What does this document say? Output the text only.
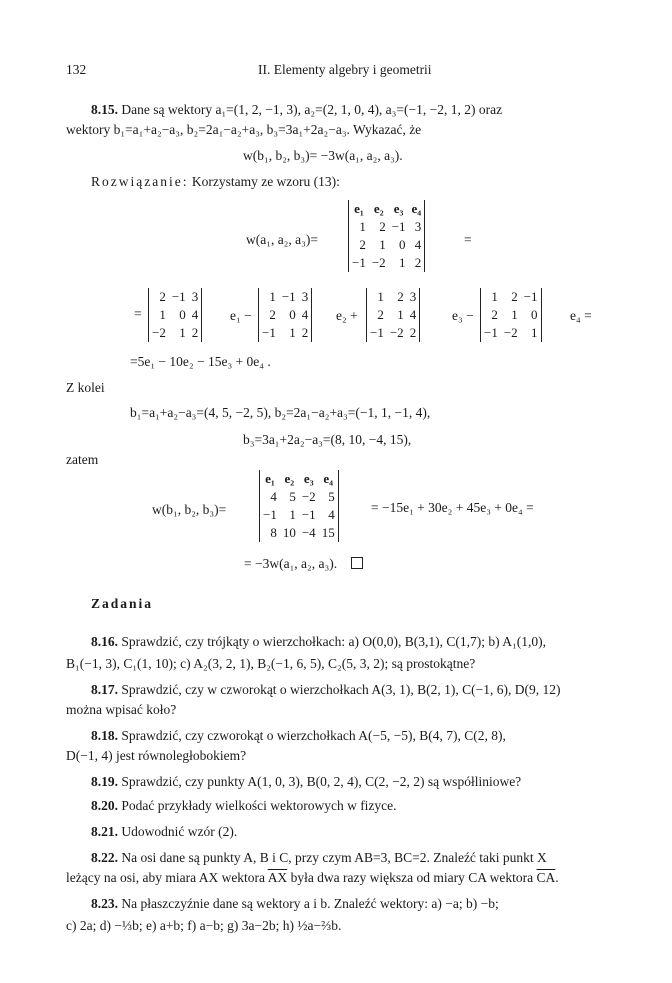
132	II. Elementy algebry i geometrii
8.15. Dane są wektory a₁=(1, 2, −1, 3), a₂=(2, 1, 0, 4), a₃=(−1, −2, 1, 2) oraz
wektory b₁=a₁+a₂−a₃, b₂=2a₁−a₂+a₃, b₃=3a₁+2a₂−a₃. Wykazać, że
w(b₁, b₂, b₃)= −3w(a₁, a₂, a₃).
Rozwiązanie: Korzystamy ze wzoru (13):
w(a₁, a₂, a₃)=
e₁	e₂	e₃	e₄
1	2	−1	3
2	1	0	4
−1	−2	1	2
=
=
2	−1	3
1	0	4
−2	1	2
e₁ −
1	−1	3
2	0	4
−1	1	2
e₂ +
1	2	3
2	1	4
−1	−2	2
e₃ −
1	2	−1
2	1	0
−1	−2	1
e₄ =
=5e₁ − 10e₂ − 15e₃ + 0e₄ .
Z kolei
b₁=a₁+a₂−a₃=(4, 5, −2, 5), b₂=2a₁−a₂+a₃=(−1, 1, −1, 4),
b₃=3a₁+2a₂−a₃=(8, 10, −4, 15),
zatem
w(b₁, b₂, b₃)=
e₁	e₂	e₃	e₄
4	5	−2	5
−1	1	−1	4
8	10	−4	15
= −15e₁ + 30e₂ + 45e₃ + 0e₄ =
= −3w(a₁, a₂, a₃).
Zadania
8.16. Sprawdzić, czy trójkąty o wierzchołkach: a) O(0,0), B(3,1), C(1,7); b) A₁(1,0),
B₁(−1, 3), C₁(1, 10); c) A₂(3, 2, 1), B₂(−1, 6, 5), C₂(5, 3, 2); są prostokątne?
8.17. Sprawdzić, czy w czworokąt o wierzchołkach A(3, 1), B(2, 1), C(−1, 6), D(9, 12)
można wpisać koło?
8.18. Sprawdzić, czy czworokąt o wierzchołkach A(−5, −5), B(4, 7), C(2, 8),
D(−1, 4) jest równoległobokiem?
8.19. Sprawdzić, czy punkty A(1, 0, 3), B(0, 2, 4), C(2, −2, 2) są współliniowe?
8.20. Podać przykłady wielkości wektorowych w fizyce.
8.21. Udowodnić wzór (2).
8.22. Na osi dane są punkty A, B i C, przy czym AB=3, BC=2. Znaleźć taki punkt X
leżący na osi, aby miara AX wektora $\overline{AX}$ była dwa razy większa od miary CA wektora $\overline{CA}$.
8.23. Na płaszczyźnie dane są wektory a i b. Znaleźć wektory: a) −a; b) −b;
c) 2a; d) −⅓b; e) a+b; f) a−b; g) 3a−2b; h) ½a−⅔b.
